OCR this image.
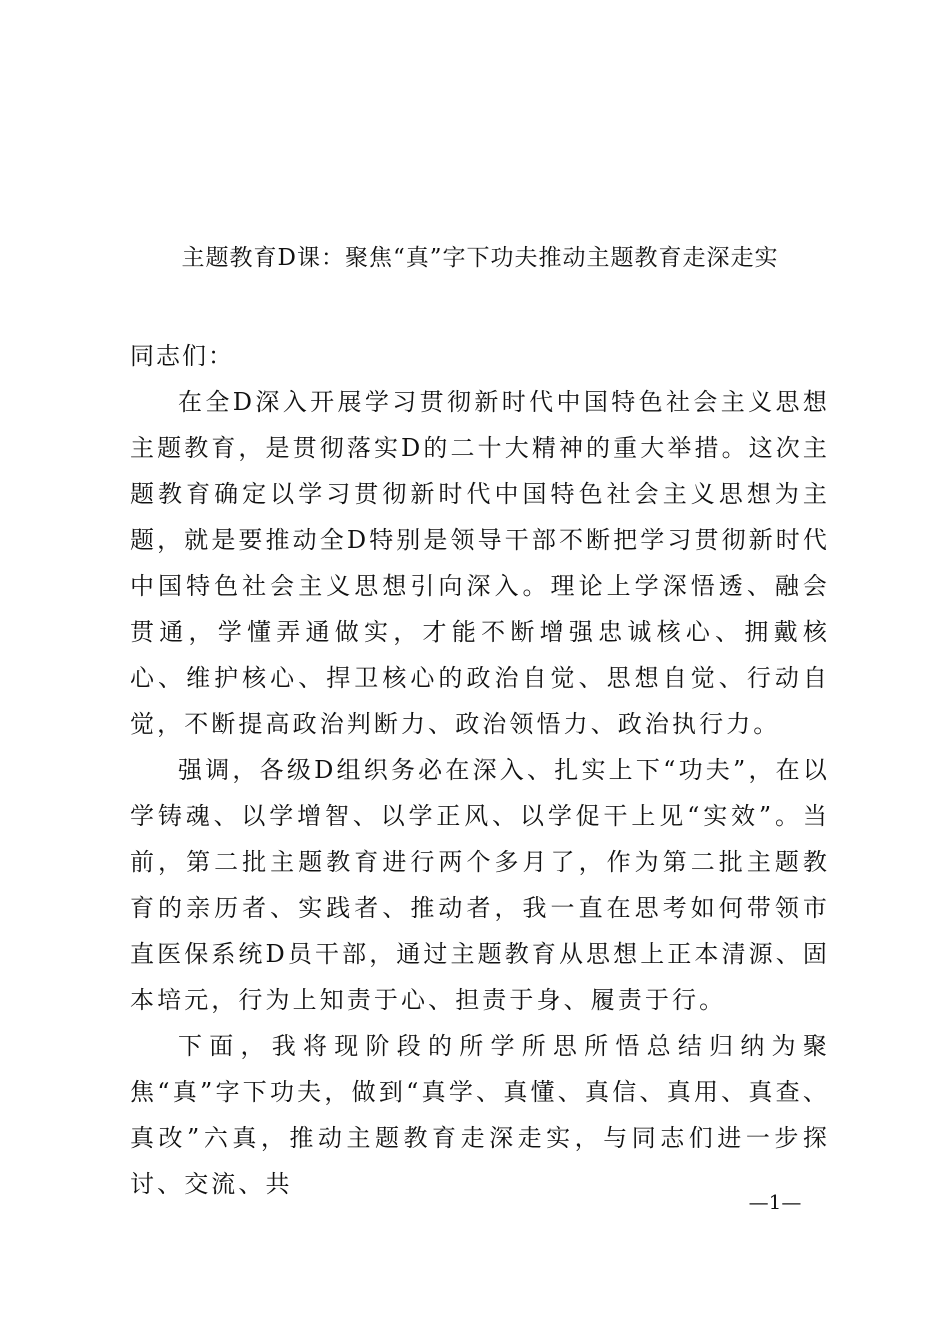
主题教育D课：聚焦“真”字下功夫推动主题教育走深走实

同志们：

在全D深入开展学习贯彻新时代中国特色社会主义思想主题教育，是贯彻落实D的二十大精神的重大举措。这次主题教育确定以学习贯彻新时代中国特色社会主义思想为主题，就是要推动全D特别是领导干部不断把学习贯彻新时代中国特色社会主义思想引向深入。理论上学深悟透、融会贯通，学懂弄通做实，才能不断增强忠诚核心、拥戴核心、维护核心、捍卫核心的政治自觉、思想自觉、行动自觉，不断提高政治判断力、政治领悟力、政治执行力。

强调，各级D组织务必在深入、扎实上下“功夫”，在以学铸魂、以学增智、以学正风、以学促干上见“实效”。当前，第二批主题教育进行两个多月了，作为第二批主题教育的亲历者、实践者、推动者，我一直在思考如何带领市直医保系统D员干部，通过主题教育从思想上正本清源、固本培元，行为上知责于心、担责于身、履责于行。

下面，我将现阶段的所学所思所悟总结归纳为聚焦“真”字下功夫，做到“真学、真懂、真信、真用、真查、真改”六真，推动主题教育走深走实，与同志们进一步探讨、交流、共

—1—
